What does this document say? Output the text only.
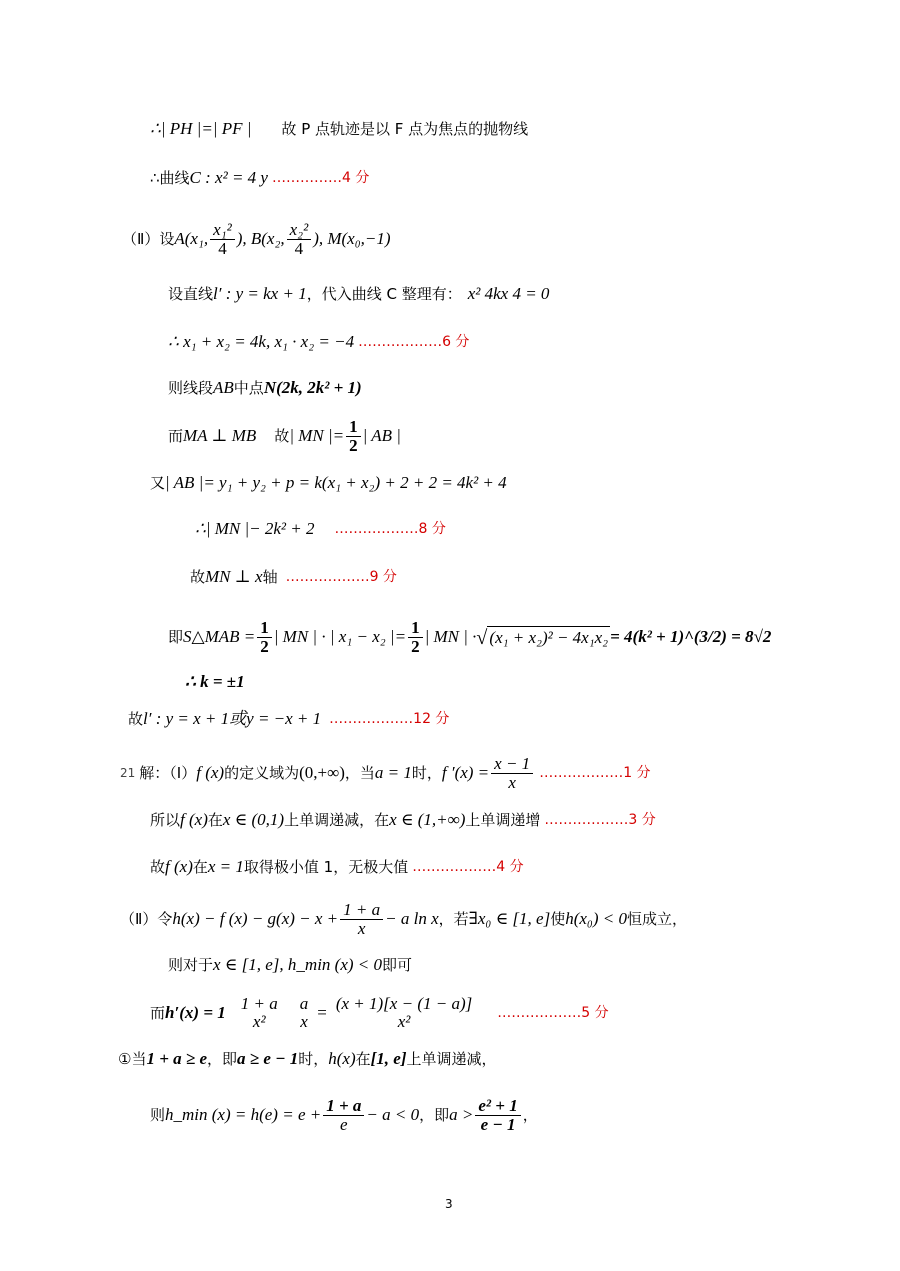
∴| PH |=| PF | 故 P 点轨迹是以 F 点为焦点的抛物线
∴曲线 C : x² = 4 y ……………4 分
（Ⅱ）设 A(x₁, $\frac{\text{x₁²}}{4}$ ), B(x₂, $\frac{\text{x₂²}}{4}$ ), M(x₀,−1)
设直线 l′ : y = kx + 1 ，代入曲线 C 整理有： x² 4kx 4 = 0
∴ x₁ + x₂ = 4k, x₁ · x₂ = −4 ………………6 分
则线段 AB 中点 N(2k, 2k² + 1)
而 MA ⊥ MB 故 | MN |= $\frac{1}{2}$ | AB |
又 | AB |= y₁ + y₂ + p = k(x₁ + x₂) + 2 + 2 = 4k² + 4
∴| MN |− 2k² + 2 ………………8 分
故 MN ⊥ x 轴 ………………9 分
即 S△MAB = $\frac{1}{2}$ | MN | · | x₁ − x₂ |= $\frac{1}{2}$ | MN | · √ (x₁ + x₂)² − 4x₁x₂ = 4(k² + 1)^(3/2) = 8√2
∴ k = ±1
故 l′ : y = x + 1或y = −x + 1 ………………12 分
21 解：（Ⅰ） f (x) 的定义域为 (0,+∞) ，当 a = 1 时， f $'(x) = \frac{x - 1}{x}$ ………………1 分
所以 f (x) 在 x ∈ (0,1) 上单调递减，在 x ∈ (1,+∞) 上单调递增 ………………3 分
故 f (x) 在 x = 1 取得极小值 1，无极大值 ………………4 分
（Ⅱ）令 h(x) − f $(x) - g(x) - x + \frac{1 + a}{x} - a$ ln x ，若 ∃x₀ ∈ [1, e] 使 h(x₀) < 0 恒成立，
则对于 x ∈ [1, e], h_min (x) < 0 即可
而 h′(x) = 1 1 + a
x²
a
x = (x + 1)[x − (1 − a)]
x²	………………5 分
①当 1 + a ≥ e ，即 a ≥ e − 1 时， h(x) 在 [1, e] 上单调递减，
则 h_min $(x) = h(e) = e + \frac{1 + a}{e} - a < 0$ ，即 $a > \frac{\text{e² + 1}}{e - 1}$ ，
3
